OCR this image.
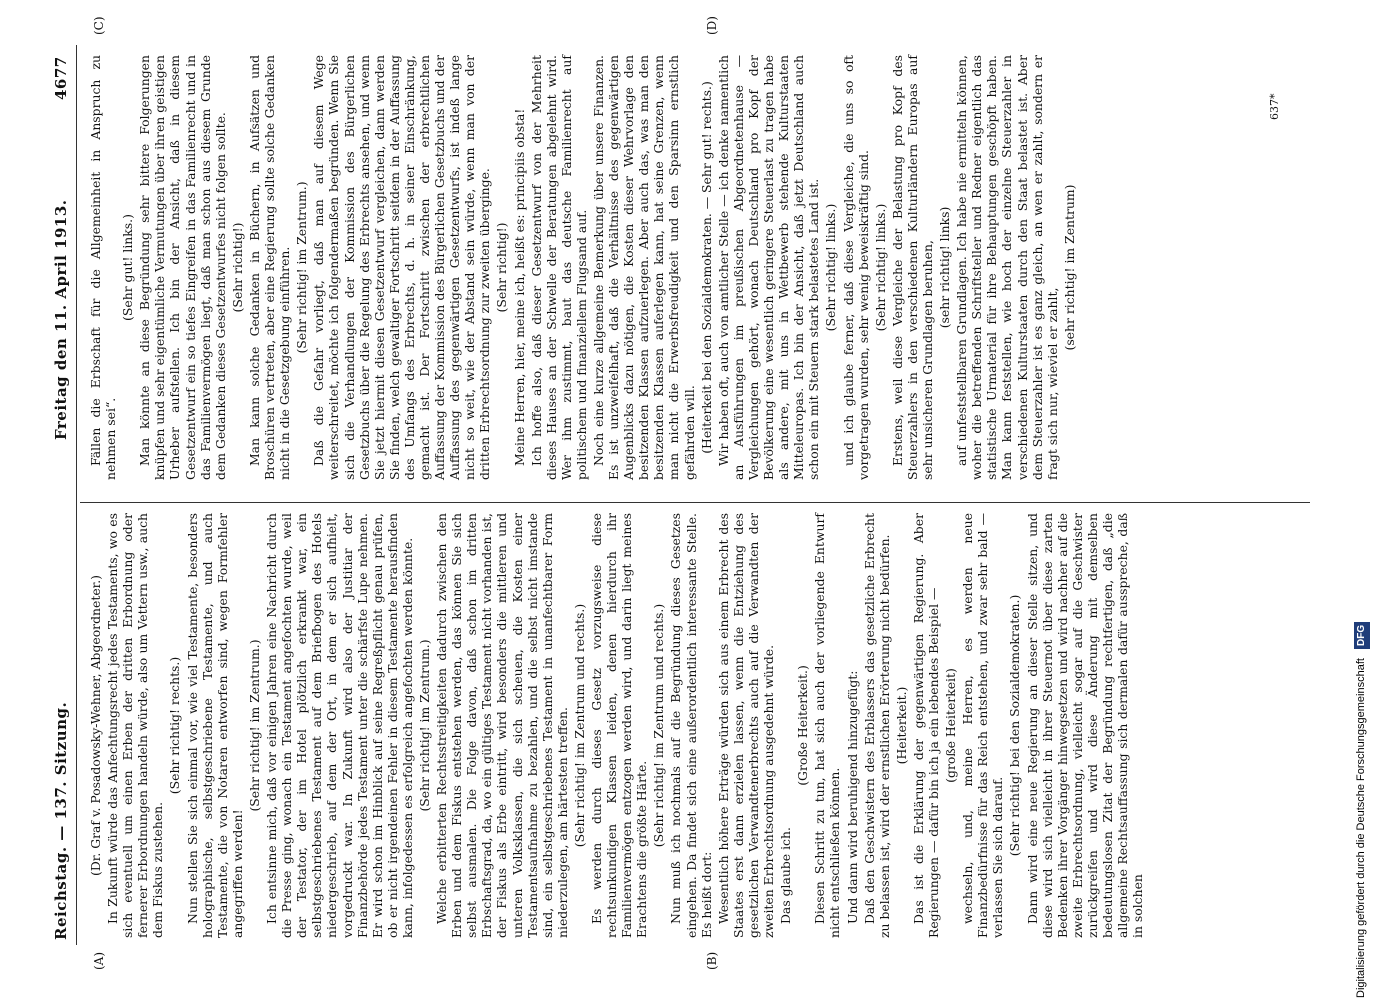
Reichstag. — 137. Sitzung.
Freitag den 11. April 1913.
4677
(A)	(B)
(C)	(D)

(Dr. Graf v. Posadowsky-Wehner, Abgeordneter.) In Zukunft würde das Anfechtungsrecht jedes Testaments, wo es sich eventuell um einen Erben der dritten Erbordnung oder fernerer Erbordnungen handeln würde, also um Vettern usw., auch dem Fiskus zustehen.

(Sehr richtig! rechts.) Nun stellen Sie sich einmal vor, wie viel Testamente, besonders holographische, selbstgeschriebene Testamente, und auch Testamente, die von Notaren entworfen sind, wegen Formfehler angegriffen werden!

(Sehr richtig! im Zentrum.) Ich entsinne mich, daß vor einigen Jahren eine Nachricht durch die Presse ging, wonach ein Testament angefochten wurde, weil der Testator, der im Hotel plötzlich erkrankt war, ein selbstgeschriebenes Testament auf dem Briefbogen des Hotels niedergeschrieb, auf dem der Ort, in dem er sich aufhielt, vorgedruckt war. In Zukunft wird also der Justitiar der Finanzbehörde jedes Testament unter die schärfste Lupe nehmen. Er wird schon im Hinblick auf seine Regreßpflicht genau prüfen, ob er nicht irgendeinen Fehler in diesem Testamente herausfinden kann, infolgedessen es erfolgreich angefochten werden könnte. (Sehr richtig! im Zentrum.) Welche erbitterten Rechtsstreitigkeiten dadurch zwischen den Erben und dem Fiskus entstehen werden, das können Sie sich selbst ausmalen. Die Folge davon, daß schon im dritten Erbschaftsgrad, da, wo ein gültiges Testament nicht vorhanden ist, der Fiskus als Erbe eintritt, wird besonders die mittleren und unteren Volksklassen, die sich scheuen, die Kosten einer Testamentsaufnahme zu bezahlen, und die selbst nicht imstande sind, ein selbstgeschriebenes Testament in unanfechtbarer Form niederzulegen, am härtesten treffen. (Sehr richtig! im Zentrum und rechts.) Es werden durch dieses Gesetz vorzugsweise diese rechtsunkundigen Klassen leiden, denen hierdurch ihr Familienvermögen entzogen werden wird, und darin liegt meines Erachtens die größte Härte.

(Sehr richtig! im Zentrum und rechts.) Nun muß ich nochmals auf die Begründung dieses Gesetzes eingehen. Da findet sich eine außerordentlich interessante Stelle. Es heißt dort: Wesentlich höhere Erträge würden sich aus einem Erbrecht des Staates erst dann erzielen lassen, wenn die Entziehung des gesetzlichen Verwandtenerbrechts auch auf die Verwandten der zweiten Erbrechtsordnung ausgedehnt würde. Das glaube ich.

(Große Heiterkeit.) Diesen Schritt zu tun, hat sich auch der vorliegende Entwurf nicht entschließen können. Und dann wird beruhigend hinzugefügt: Daß den Geschwistern des Erblassers das gesetzliche Erbrecht zu belassen ist, wird der ernstlichen Erörterung nicht bedürfen. (Heiterkeit.) Das ist die Erklärung der gegenwärtigen Regierung. Aber Regierungen — dafür bin ich ja ein lebendes Beispiel — (große Heiterkeit) wechseln, und, meine Herren, es werden neue Finanzbedürfnisse für das Reich entstehen, und zwar sehr bald — verlassen Sie sich darauf.

(Sehr richtig! bei den Sozialdemokraten.) Dann wird eine neue Regierung an dieser Stelle sitzen, und diese wird sich vielleicht in ihrer Steuernot über diese zarten Bedenken ihrer Vorgänger hinwegsetzen und wird nachher auf die zweite Erbrechtsordnung, vielleicht sogar auf die Geschwister zurückgreifen und wird diese Änderung mit demselben bedeutungslosen Zitat der Begründung rechtfertigen, daß „die allgemeine Rechtsauffassung sich dermalen dafür ausspreche, daß in solchen

Fällen die Erbschaft für die Allgemeinheit in Anspruch zu nehmen sei“.

(Sehr gut! links.) Man könnte an diese Begründung sehr bittere Folgerungen knüpfen und sehr eigentümliche Vermutungen über ihren geistigen Urheber aufstellen. Ich bin der Ansicht, daß in diesem Gesetzentwurf ein so tiefes Eingreifen in das Familienrecht und in das Familienvermögen liegt, daß man schon aus diesem Grunde dem Gedanken dieses Gesetzentwurfes nicht folgen sollte. (Sehr richtig!) Man kann solche Gedanken in Büchern, in Aufsätzen und Broschüren vertreten, aber eine Regierung sollte solche Gedanken nicht in die Gesetzgebung einführen. (Sehr richtig! im Zentrum.) Daß die Gefahr vorliegt, daß man auf diesem Wege weiterschreitet, möchte ich folgendermaßen begründen. Wenn Sie sich die Verhandlungen der Kommission des Bürgerlichen Gesetzbuchs über die Regelung des Erbrechts ansehen, und wenn Sie jetzt hiermit diesen Gesetzentwurf vergleichen, dann werden Sie finden, welch gewaltiger Fortschritt seitdem in der Auffassung des Umfangs des Erbrechts, d. h. in seiner Einschränkung, gemacht ist. Der Fortschritt zwischen der erbrechtlichen Auffassung der Kommission des Bürgerlichen Gesetzbuchs und der Auffassung des gegenwärtigen Gesetzentwurfs, ist indeß lange nicht so weit, wie der Abstand sein würde, wenn man von der dritten Erbrechtsordnung zur zweiten überginge. (Sehr richtig!) Meine Herren, hier, meine ich, heißt es: principiis obsta! Ich hoffe also, daß dieser Gesetzentwurf von der Mehrheit dieses Hauses an der Schwelle der Beratungen abgelehnt wird. Wer ihm zustimmt, baut das deutsche Familienrecht auf politischem und finanziellem Flugsand auf. Noch eine kurze allgemeine Bemerkung über unsere Finanzen. Es ist unzweifelhaft, daß die Verhältnisse des gegenwärtigen Augenblicks dazu nötigen, die Kosten dieser Wehrvorlage den besitzenden Klassen aufzuerlegen. Aber auch das, was man den besitzenden Klassen auferlegen kann, hat seine Grenzen, wenn man nicht die Erwerbsfreudigkeit und den Sparsinn ernstlich gefährden will. (Heiterkeit bei den Sozialdemokraten. — Sehr gut! rechts.) Wir haben oft, auch von amtlicher Stelle — ich denke namentlich an Ausführungen im preußischen Abgeordnetenhause — Vergleichungen gehört, wonach Deutschland pro Kopf der Bevölkerung eine wesentlich geringere Steuerlast zu tragen habe als andere, mit uns in Wettbewerb stehende Kulturstaaten Mitteleuropas. Ich bin der Ansicht, daß jetzt Deutschland auch schon ein mit Steuern stark belastetes Land ist. (Sehr richtig! links.) und ich glaube ferner, daß diese Vergleiche, die uns so oft vorgetragen wurden, sehr wenig beweiskräftig sind. (Sehr richtig! links.) Erstens, weil diese Vergleiche der Belastung pro Kopf des Steuerzahlers in den verschiedenen Kulturländern Europas auf sehr unsicheren Grundlagen beruhen, (sehr richtig! links) auf unfeststellbaren Grundlagen. Ich habe nie ermitteln können, woher die betreffenden Schriftsteller und Redner eigentlich das statistische Urmaterial für ihre Behauptungen geschöpft haben. Man kann feststellen, wie hoch der einzelne Steuerzahler in verschiedenen Kulturstaaten durch den Staat belastet ist. Aber dem Steuerzahler ist es ganz gleich, an wen er zahlt, sondern er fragt sich nur, wieviel er zahlt,

(sehr richtig! im Zentrum)

637*
Digitalisierung gefördert durch die Deutsche Forschungsgemeinschaft DFG
